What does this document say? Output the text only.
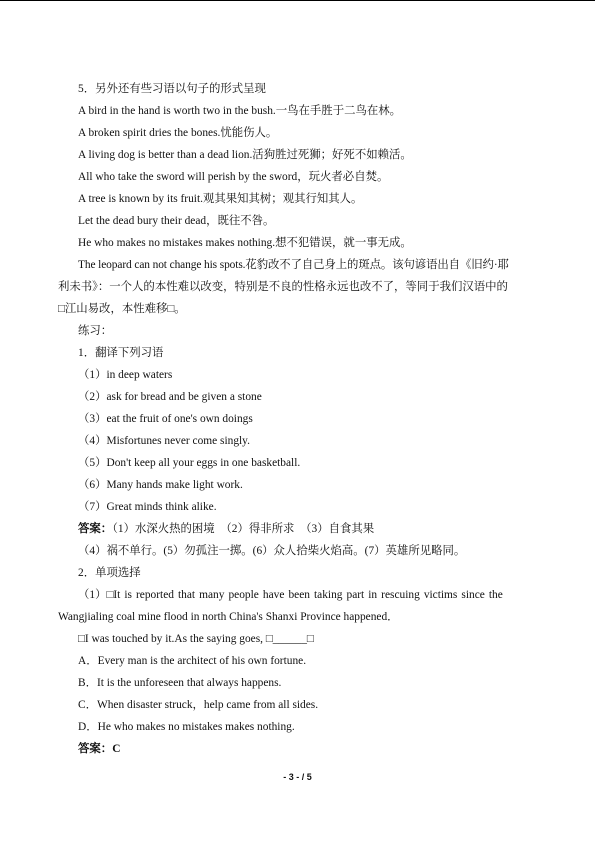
5．另外还有些习语以句子的形式呈现
A bird in the hand is worth two in the bush.一鸟在手胜于二鸟在林。
A broken spirit dries the bones.忧能伤人。
A living dog is better than a dead lion.活狗胜过死狮；好死不如赖活。
All who take the sword will perish by the sword，玩火者必自焚。
A tree is known by its fruit.观其果知其树；观其行知其人。
Let the dead bury their dead，既往不咎。
He who makes no mistakes makes nothing.想不犯错误，就一事无成。
The leopard can not change his spots.花豹改不了自己身上的斑点。该句谚语出自《旧约·耶
利未书》：一个人的本性难以改变，特别是不良的性格永远也改不了，等同于我们汉语中的
□江山易改，本性难移□。
练习：
1．翻译下列习语
（1）in deep waters
（2）ask for bread and be given a stone
（3）eat the fruit of one's own doings
（4）Misfortunes never come singly.
（5）Don't keep all your eggs in one basketball.
（6）Many hands make light work.
（7）Great minds think alike.
答案：（1）水深火热的困境　（2）得非所求　（3）自食其果
（4）祸不单行。(5）勿孤注一掷。(6）众人拾柴火焰高。(7）英雄所见略同。
2．单项选择
（1）□It is reported that many people have been taking part in rescuing victims since the
Wangjialing coal mine flood in north China's Shanxi Province happened．
□I was touched by it.As the saying goes, □______□
A．Every man is the architect of his own fortune.
B．It is the unforeseen that always happens.
C．When disaster struck，help came from all sides.
D．He who makes no mistakes makes nothing.
答案：C
- 3 - / 5
